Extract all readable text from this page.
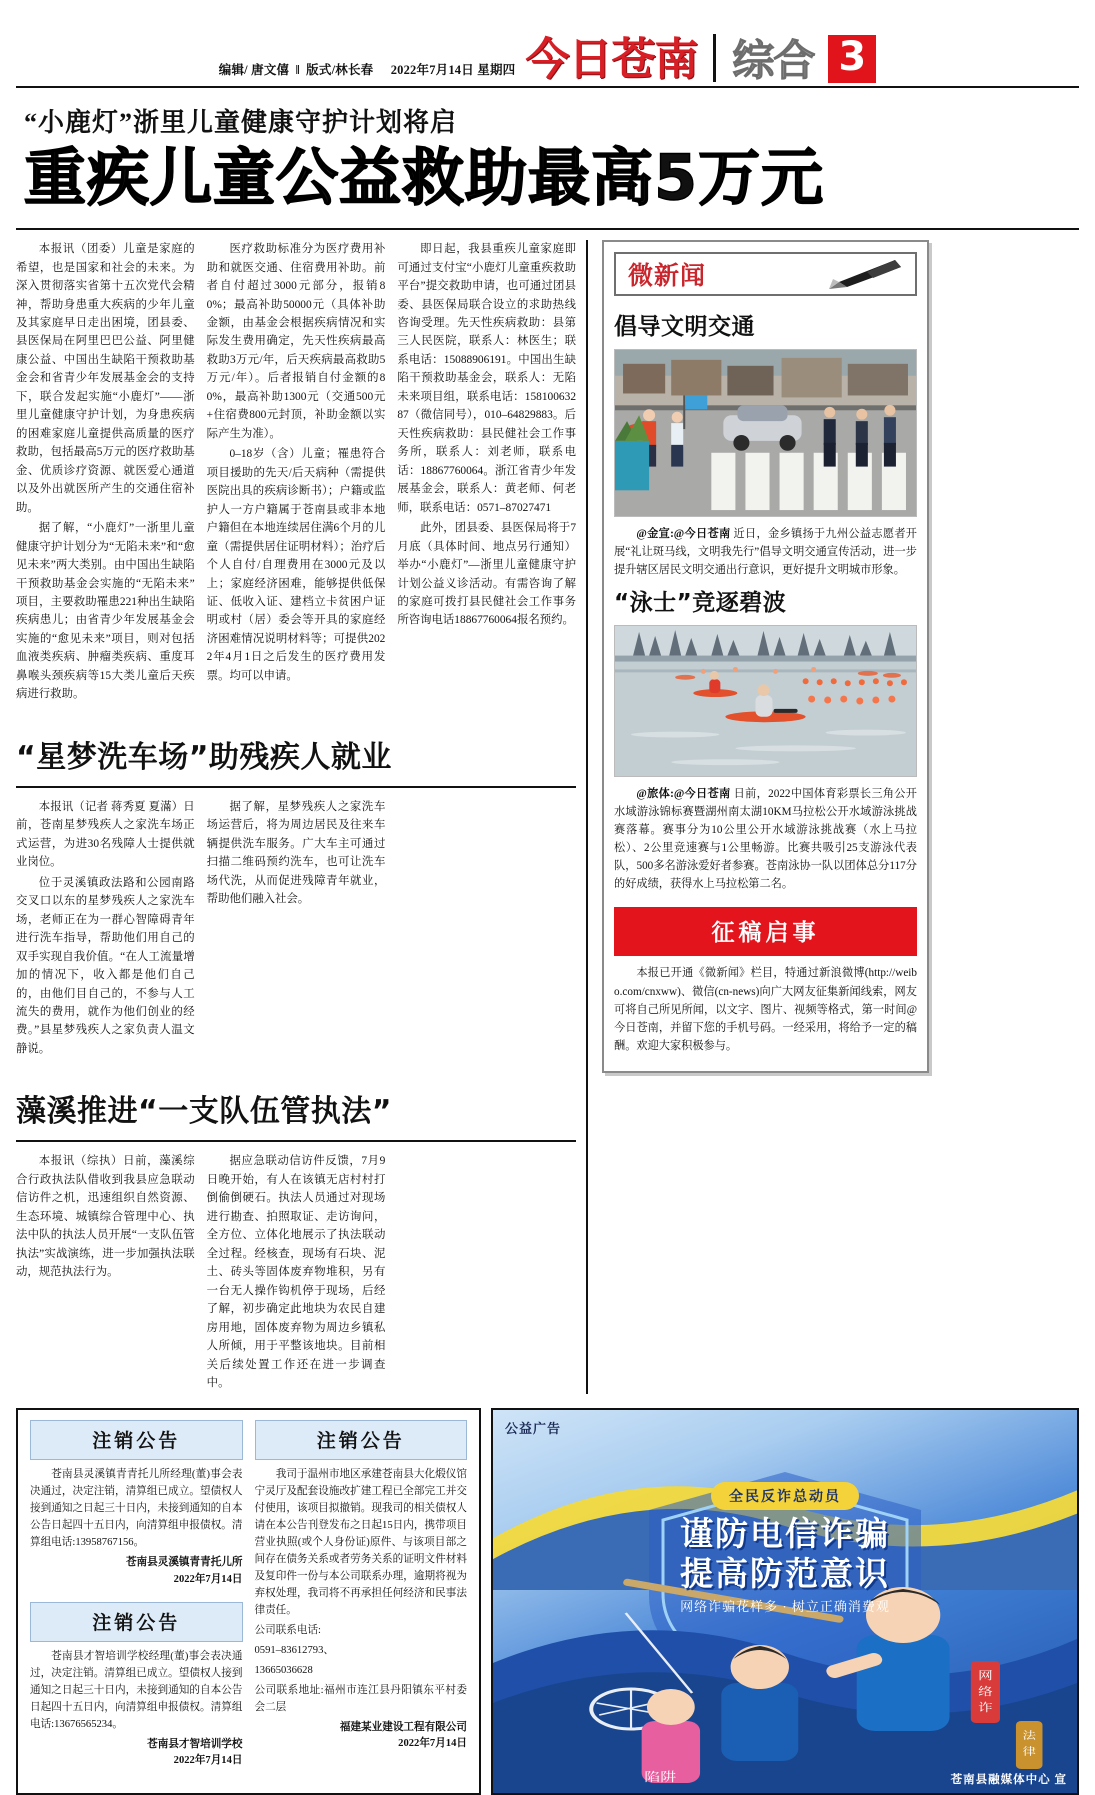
编辑/ 唐文僖 ‖ 版式/林长春 2022年7月14日 星期四 今日苍南 综合 3
“小鹿灯”浙里儿童健康守护计划将启
重疾儿童公益救助最高5万元

本报讯（团委）儿童是家庭的希望，也是国家和社会的未来。为深入贯彻落实省第十五次党代会精神，帮助身患重大疾病的少年儿童及其家庭早日走出困境，团县委、县医保局在阿里巴巴公益、阿里健康公益、中国出生缺陷干预救助基金会和省青少年发展基金会的支持下，联合发起实施“小鹿灯”——浙里儿童健康守护计划，为身患疾病的困难家庭儿童提供高质量的医疗救助，包括最高5万元的医疗救助基金、优质诊疗资源、就医爱心通道以及外出就医所产生的交通住宿补助。

据了解，“小鹿灯”一浙里儿童健康守护计划分为“无陷未来”和“愈见未来”两大类别。由中国出生缺陷干预救助基金会实施的“无陷未来”项目，主要救助罹患221种出生缺陷疾病患儿；由省青少年发展基金会实施的“愈见未来”项目，则对包括血液类疾病、肿瘤类疾病、重度耳鼻喉头颈疾病等15大类儿童后天疾病进行救助。

医疗救助标准分为医疗费用补助和就医交通、住宿费用补助。前者自付超过3000元部分，报销80%；最高补助50000元（具体补助金额，由基金会根据疾病情况和实际发生费用确定，先天性疾病最高救助3万元/年，后天疾病最高救助5万元/年）。后者报销自付金额的80%，最高补助1300元（交通500元+住宿费800元封顶，补助金额以实际产生为准）。

0–18岁（含）儿童；罹患符合项目援助的先天/后天病种（需提供医院出具的疾病诊断书）；户籍或监护人一方户籍属于苍南县或非本地户籍但在本地连续居住满6个月的儿童（需提供居住证明材料）；治疗后个人自付/自理费用在3000元及以上；家庭经济困难，能够提供低保证、低收入证、建档立卡贫困户证明或村（居）委会等开具的家庭经济困难情况说明材料等；可提供2022年4月1日之后发生的医疗费用发票。均可以申请。

即日起，我县重疾儿童家庭即可通过支付宝“小鹿灯儿童重疾救助平台”提交救助申请，也可通过团县委、县医保局联合设立的求助热线咨询受理。先天性疾病救助：县第三人民医院，联系人：林医生；联系电话：15088906191。中国出生缺陷干预救助基金会，联系人：无陷未来项目组，联系电话：15810063287（微信同号），010–64829883。后天性疾病救助：县民健社会工作事务所，联系人：刘老师，联系电话：18867760064。浙江省青少年发展基金会，联系人：黄老师、何老师，联系电话：0571–87027471

此外，团县委、县医保局将于7月底（具体时间、地点另行通知）举办“小鹿灯”—浙里儿童健康守护计划公益义诊活动。有需咨询了解的家庭可拨打县民健社会工作事务所咨询电话18867760064报名预约。

“星梦洗车场”助残疾人就业

本报讯（记者 蒋秀夏 夏滿）日前，苍南星梦残疾人之家洗车场正式运营，为进30名残障人士提供就业岗位。

位于灵溪镇政法路和公园南路交叉口以东的星梦残疾人之家洗车场，老师正在为一群心智障碍青年进行洗车指导，帮助他们用自己的双手实现自我价值。“在人工流量增加的情况下，收入都是他们自己的，由他们目自己的，不参与人工流失的费用，就作为他们创业的经费。”县星梦残疾人之家负责人温文静说。

据了解，星梦残疾人之家洗车场运营后，将为周边居民及往来车辆提供洗车服务。广大车主可通过扫描二维码预约洗车，也可让洗车场代洗，从而促进残障青年就业，帮助他们融入社会。

藻溪推进“一支队伍管执法”

本报讯（综执）日前，藻溪综合行政执法队借收到我县应急联动信访件之机，迅速组织自然资源、生态环境、城镇综合管理中心、执法中队的执法人员开展“一支队伍管执法”实战演练，进一步加强执法联动，规范执法行为。

据应急联动信访件反馈，7月9日晚开始，有人在该镇无店村村打倒偷倒硬石。执法人员通过对现场进行勘查、拍照取证、走访询问，全方位、立体化地展示了执法联动全过程。经核查，现场有石块、泥土、砖头等固体废弃物堆积，另有一台无人操作钩机停于现场，后经了解，初步确定此地块为农民自建房用地，固体废弃物为周边乡镇私人所倾，用于平整该地块。目前相关后续处置工作还在进一步调查中。

微新闻
倡导文明交通

@金宣:@今日苍南 近日，金乡镇扬于九州公益志愿者开展“礼让斑马线，文明我先行”倡导文明交通宣传活动，进一步提升辖区居民文明交通出行意识，更好提升文明城市形象。

“泳士”竞逐碧波

@旅体:@今日苍南 日前，2022中国体育彩票长三角公开水域游泳锦标赛暨湖州南太湖10KM马拉松公开水域游泳挑战赛落幕。赛事分为10公里公开水域游泳挑战赛（水上马拉松）、2公里竞速赛与1公里畅游。比赛共吸引25支游泳代表队，500多名游泳爱好者参赛。苍南泳协一队以团体总分117分的好成绩，获得水上马拉松第二名。

征稿启事

本报已开通《微新闻》栏目，特通过新浪微博(http://weibo.com/cnxww)、微信(cn-news)向广大网友征集新闻线索，网友可将自己所见所闻，以文字、图片、视频等格式，第一时间@今日苍南，并留下您的手机号码。一经采用，将给予一定的稿酬。欢迎大家积极参与。

注销公告

苍南县灵溪镇青青托儿所经理(董)事会表决通过，决定注销，清算组已成立。望债权人接到通知之日起三十日内，未接到通知的自本公告日起四十五日内，向清算组申报债权。清算组电话:13958767156。

苍南县灵溪镇青青托儿所
2022年7月14日
注销公告

苍南县才智培训学校经理(董)事会表决通过，决定注销。清算组已成立。望债权人接到通知之日起三十日内，未接到通知的自本公告日起四十五日内，向清算组申报债权。清算组电话:13676565234。

苍南县才智培训学校
2022年7月14日
注销公告

我司于温州市地区承建苍南县大化煅仪馆宁灵厅及配套设施改扩建工程已全部完工并交付使用，该项目拟撤销。现我司的相关债权人请在本公告刊登发布之日起15日内，携带项目营业执照(或个人身份证)原件、与该项目部之间存在债务关系或者劳务关系的证明文件材料及复印件一份与本公司联系办理，逾期将视为弃权处理，我司将不再承担任何经济和民事法律责任。

公司联系电话:

0591–83612793、

13665036628

公司联系地址:福州市连江县丹阳镇东平村委会二层

福建某业建设工程有限公司
2022年7月14日
公益广告
全民反诈总动员
谨防电信诈骗
提高防范意识
网络诈骗花样多 · 树立正确消费观
网
络
诈
法
律
陷阱	苍南县融媒体中心 宣
